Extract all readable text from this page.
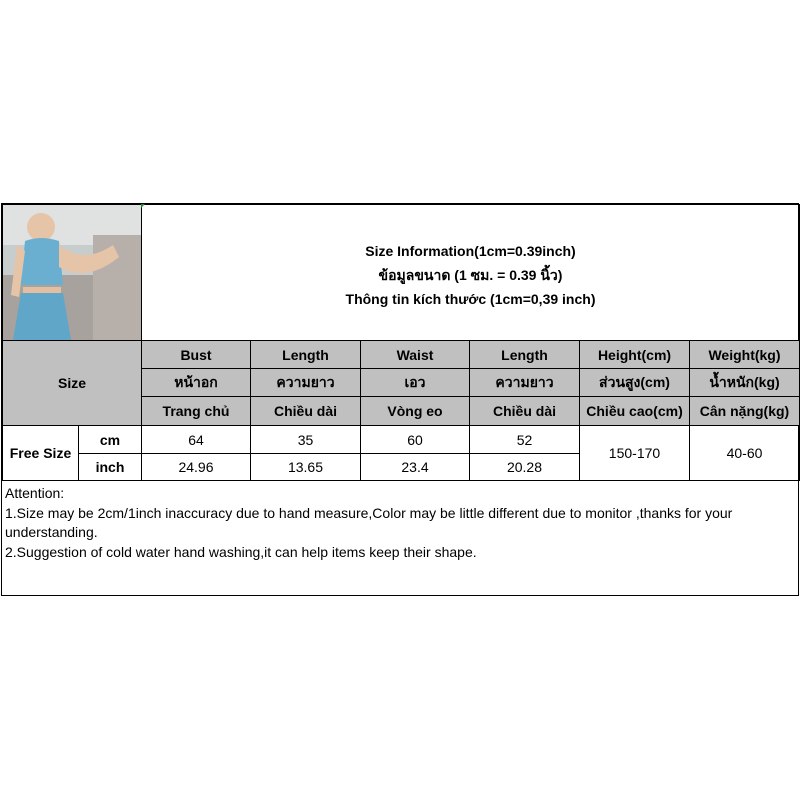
Size Information(1cm=0.39inch)
ข้อมูลขนาด (1 ซม. = 0.39 นิ้ว)
Thông tin kích thước (1cm=0,39 inch)					

Size		Bust	Length	Waist	Length	Height(cm)	Weight(kg)
		หน้าอก	ความยาว	เอว	ความยาว	ส่วนสูง(cm)	น้ำหนัก(kg)
		Trang chủ	Chiều dài	Vòng eo	Chiều dài	Chiều cao(cm)	Cân nặng(kg)
Free Size	cm	64	35	60	52	150-170	40-60
	inch	24.96	13.65	23.4	20.28		
Attention:
1.Size may be 2cm/1inch inaccuracy due to hand measure,Color may be little different due to monitor ,thanks for your understanding.
2.Suggestion of cold water hand washing,it can help items keep their shape.
